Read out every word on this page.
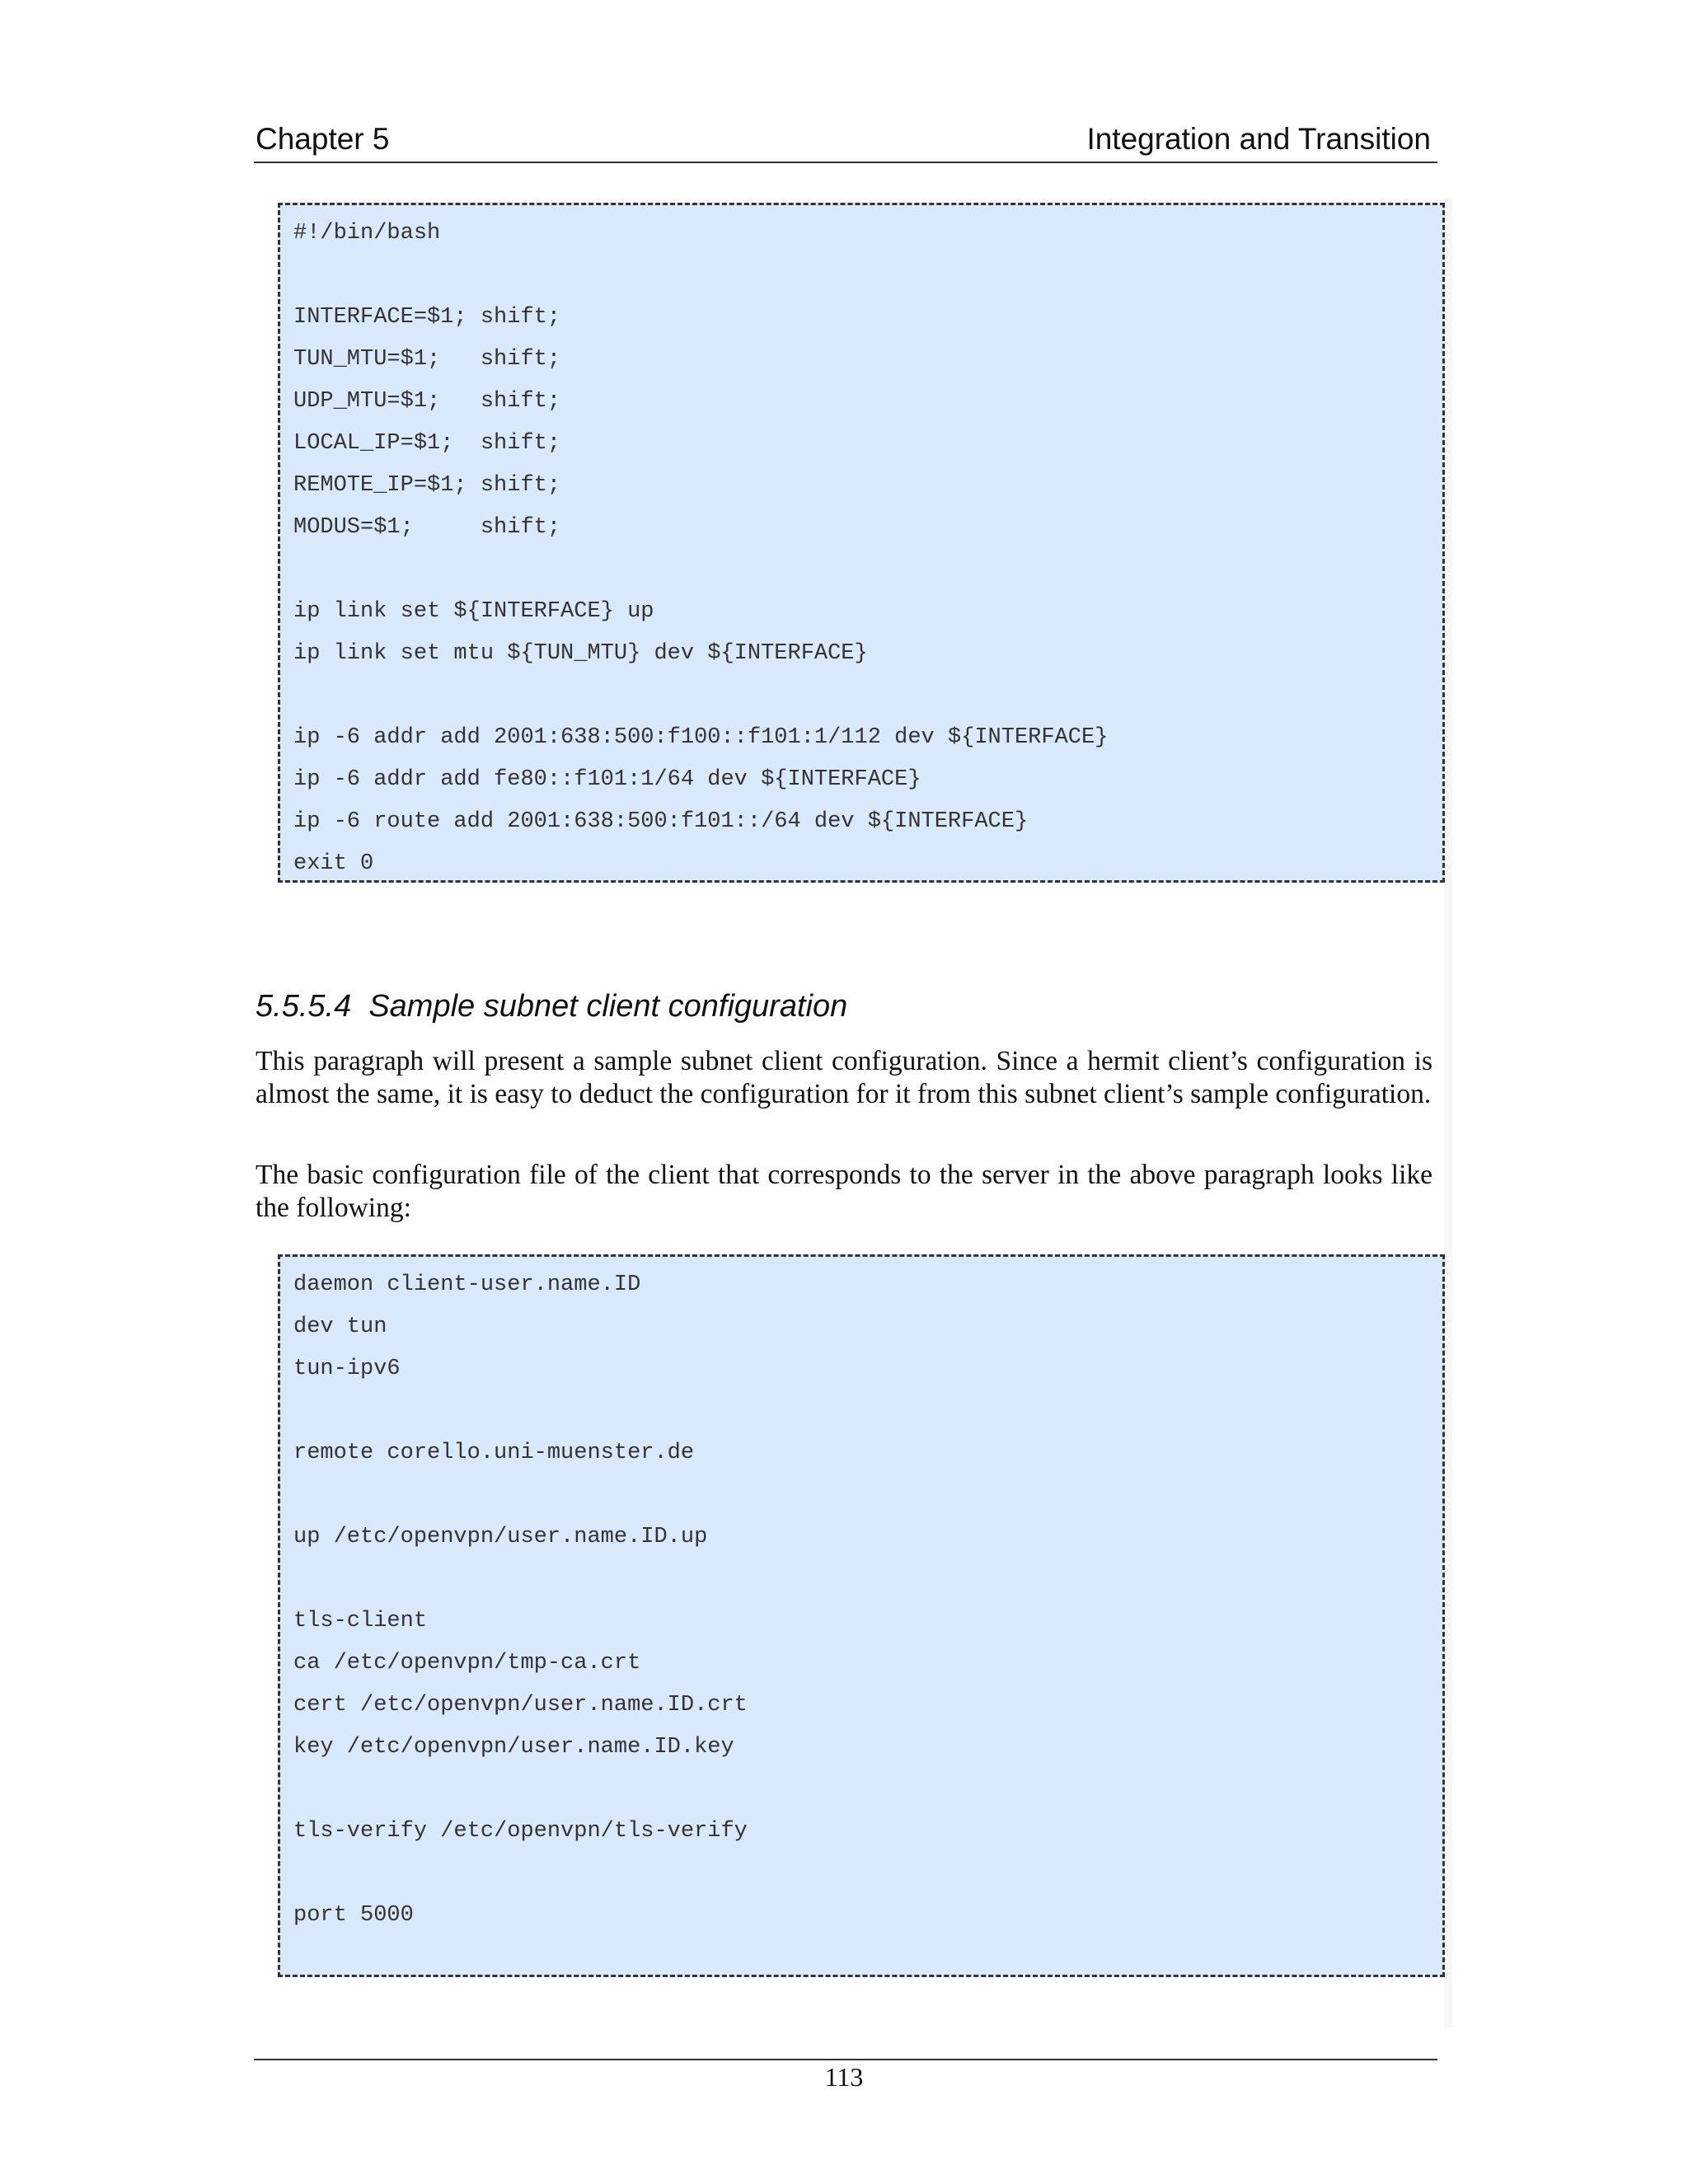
Chapter 5	Integration and Transition
#!/bin/bash
INTERFACE=$1; shift;
TUN_MTU=$1;   shift;
UDP_MTU=$1;   shift;
LOCAL_IP=$1;  shift;
REMOTE_IP=$1; shift;
MODUS=$1;     shift;
ip link set ${INTERFACE} up
ip link set mtu ${TUN_MTU} dev ${INTERFACE}
ip -6 addr add 2001:638:500:f100::f101:1/112 dev ${INTERFACE}
ip -6 addr add fe80::f101:1/64 dev ${INTERFACE}
ip -6 route add 2001:638:500:f101::/64 dev ${INTERFACE}
exit 0
5.5.5.4  Sample subnet client configuration

This paragraph will present a sample subnet client configuration. Since a hermit client’s configuration is almost the same, it is easy to deduct the configuration for it from this subnet client’s sample configuration.

The basic configuration file of the client that corresponds to the server in the above paragraph looks like the following:

daemon client-user.name.ID
dev tun
tun-ipv6
remote corello.uni-muenster.de
up /etc/openvpn/user.name.ID.up
tls-client
ca /etc/openvpn/tmp-ca.crt
cert /etc/openvpn/user.name.ID.crt
key /etc/openvpn/user.name.ID.key
tls-verify /etc/openvpn/tls-verify
port 5000
113
